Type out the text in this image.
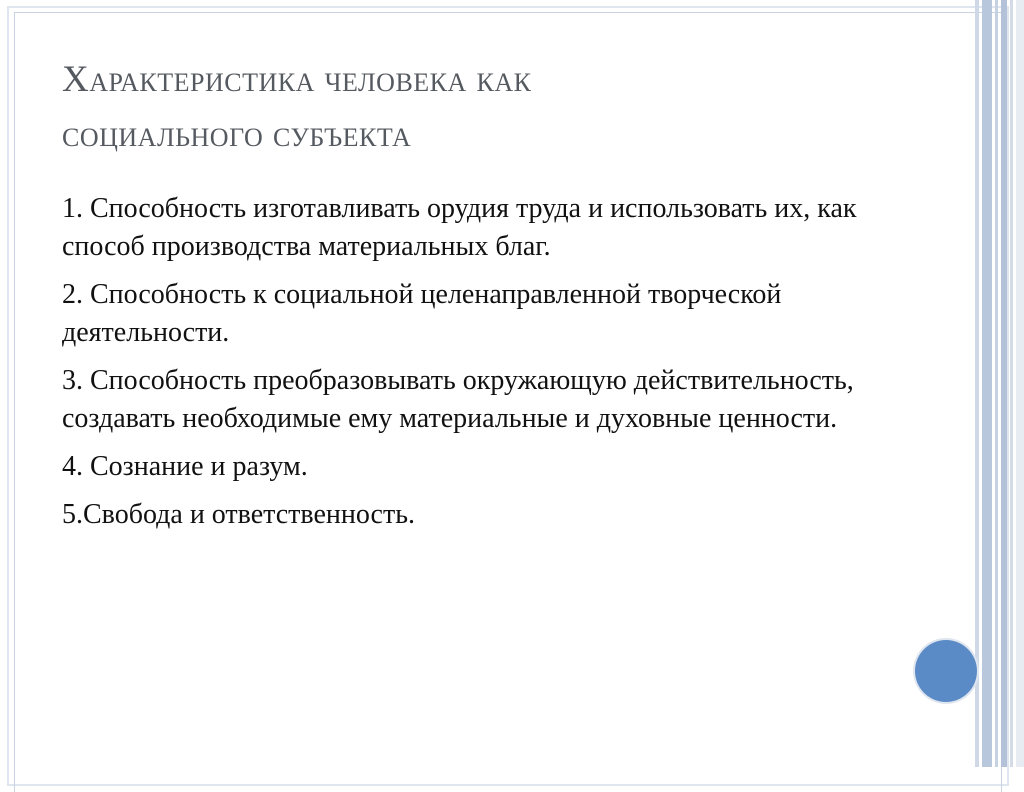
Характеристика человека как
социального субъекта

1. Способность изготавливать орудия труда и использовать их, как способ производства материальных благ.

2. Способность к социальной целенаправленной творческой деятельности.

3. Способность преобразовывать окружающую действительность, создавать необходимые ему материальные и духовные ценности.

4. Сознание и разум.

5.Свобода и ответственность.
